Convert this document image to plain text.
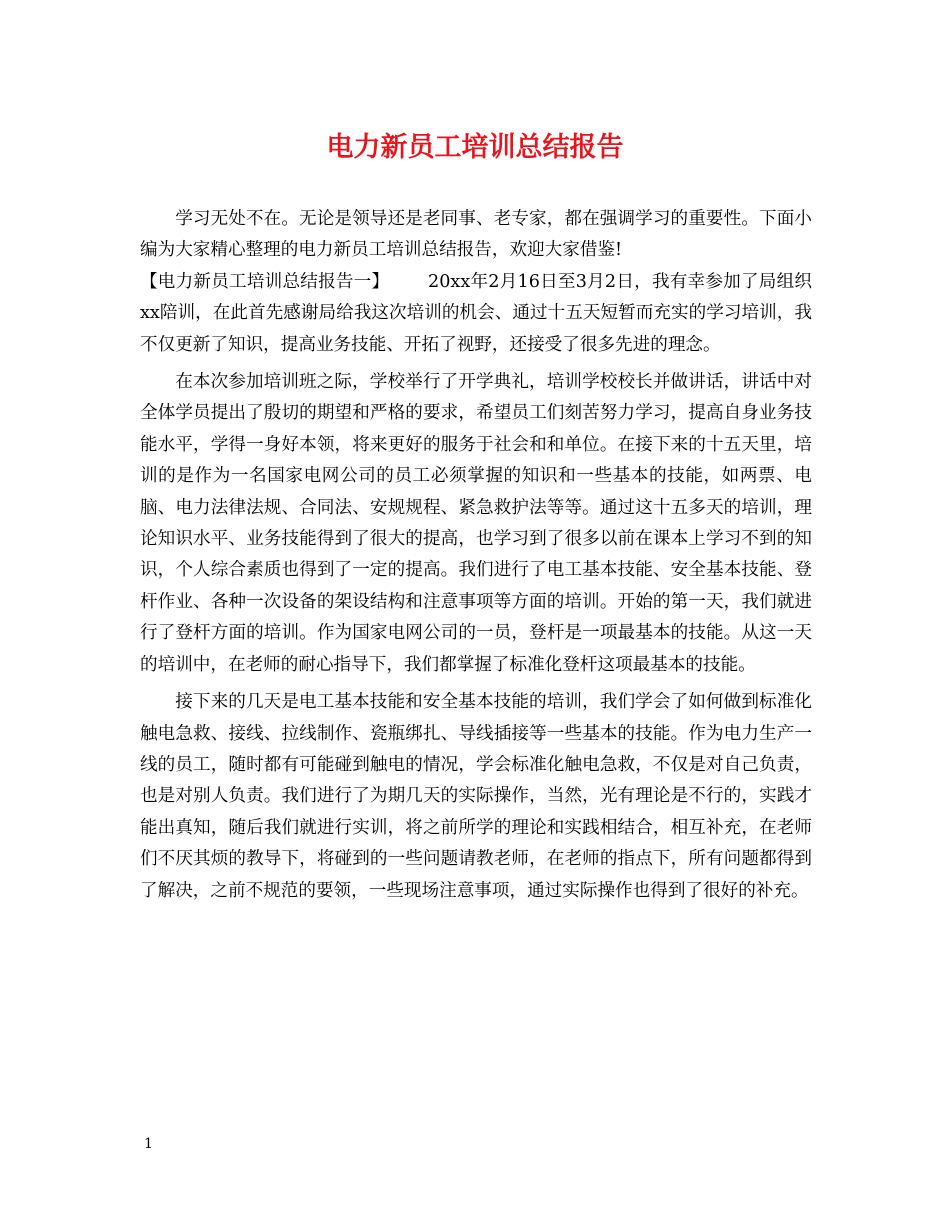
电力新员工培训总结报告

学习无处不在。无论是领导还是老同事、老专家，都在强调学习的重要性。下面小编为大家精心整理的电力新员工培训总结报告，欢迎大家借鉴!

【电力新员工培训总结报告一】 20xx年2月16日至3月2日，我有幸参加了局组织xx陪训，在此首先感谢局给我这次培训的机会、通过十五天短暂而充实的学习培训，我不仅更新了知识，提高业务技能、开拓了视野，还接受了很多先进的理念。

在本次参加培训班之际，学校举行了开学典礼，培训学校校长并做讲话，讲话中对全体学员提出了殷切的期望和严格的要求，希望员工们刻苦努力学习，提高自身业务技能水平，学得一身好本领，将来更好的服务于社会和和单位。在接下来的十五天里，培训的是作为一名国家电网公司的员工必须掌握的知识和一些基本的技能，如两票、电脑、电力法律法规、合同法、安规规程、紧急救护法等等。通过这十五多天的培训，理论知识水平、业务技能得到了很大的提高，也学习到了很多以前在课本上学习不到的知识，个人综合素质也得到了一定的提高。我们进行了电工基本技能、安全基本技能、登杆作业、各种一次设备的架设结构和注意事项等方面的培训。开始的第一天，我们就进行了登杆方面的培训。作为国家电网公司的一员，登杆是一项最基本的技能。从这一天的培训中，在老师的耐心指导下，我们都掌握了标准化登杆这项最基本的技能。

接下来的几天是电工基本技能和安全基本技能的培训，我们学会了如何做到标准化触电急救、接线、拉线制作、瓷瓶绑扎、导线插接等一些基本的技能。作为电力生产一线的员工，随时都有可能碰到触电的情况，学会标准化触电急救，不仅是对自己负责，也是对别人负责。我们进行了为期几天的实际操作，当然，光有理论是不行的，实践才能出真知，随后我们就进行实训，将之前所学的理论和实践相结合，相互补充，在老师们不厌其烦的教导下，将碰到的一些问题请教老师，在老师的指点下，所有问题都得到了解决，之前不规范的要领，一些现场注意事项，通过实际操作也得到了很好的补充。

1
